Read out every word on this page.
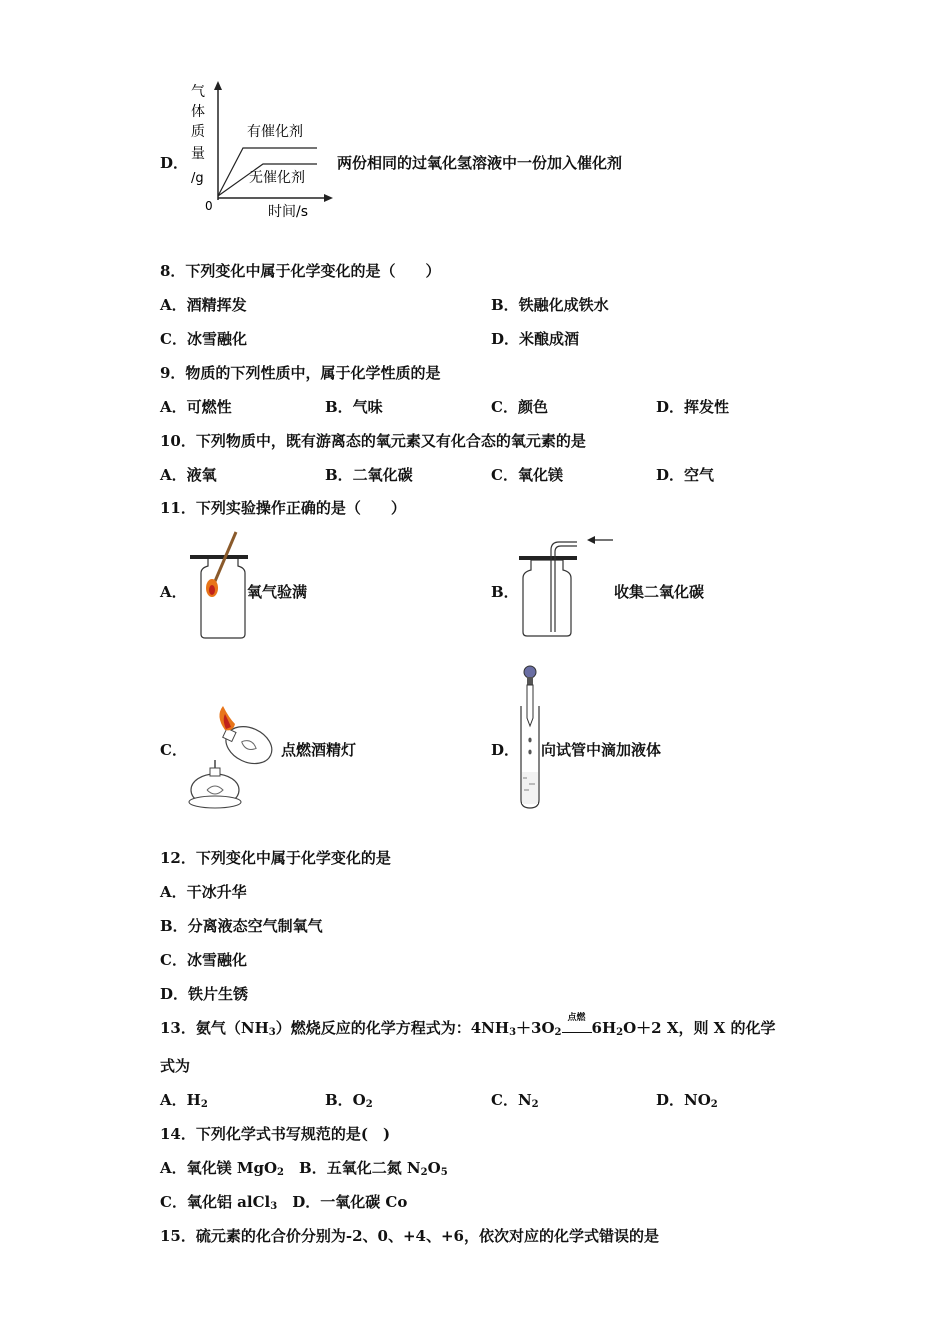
D．
气
体
质
量
/g
0	时间/s
有催化剂
无催化剂
两份相同的过氧化氢溶液中一份加入催化剂
8．下列变化中属于化学变化的是（　　）
A．酒精挥发	B．铁融化成铁水
C．冰雪融化	D．米酿成酒
9．物质的下列性质中，属于化学性质的是
A．可燃性	B．气味	C．颜色	D．挥发性
10．下列物质中，既有游离态的氧元素又有化合态的氧元素的是
A．液氧	B．二氧化碳	C．氧化镁	D．空气
11．下列实验操作正确的是（　　）
A．	氧气验满	B．	收集二氧化碳
C．	点燃酒精灯	D． 向试管中滴加液体
12．下列变化中属于化学变化的是
A．干冰升华
B．分离液态空气制氧气
C．冰雪融化
D．铁片生锈
13．氨气$(NH_3)$燃烧反应的化学方程式为：$4NH_3+3O_2$
点燃
$6H_2O+2$ X，则 X 的化学
式为
A．$H_2$	B．$O_2$	C．$N_2$	D．$NO_2$
14．下列化学式书写规范的是(　)
A．氧化镁 MgO$_2$　 B．五氧化二氮 $N_2O_5$
C．氧化铝 alCl$_3$　 D．一氧化碳 Co
15．硫元素的化合价分别为-2、0、+4、+6，依次对应的化学式错误的是
